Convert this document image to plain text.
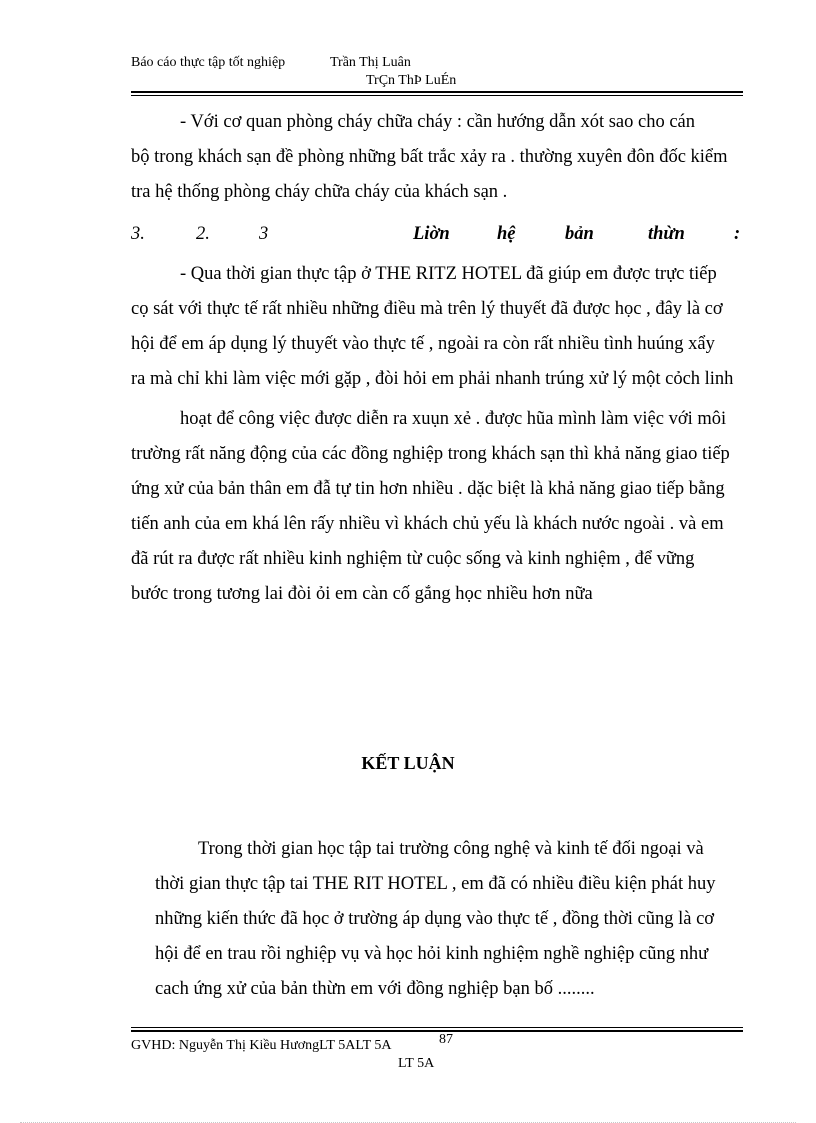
Báo cáo thực tập tốt nghiệp	Trần Thị Luân
TrÇn ThÞ LuÉn
- Với cơ quan phòng cháy chữa cháy : cần hướng dẫn xót sao cho cán
bộ trong khách sạn đề phòng những bất trắc xảy ra . thường xuyên đôn đốc kiểm
tra hệ thống phòng cháy chữa cháy của khách sạn .
3.	2.	3	Liờn	hệ	bản	thừn	:
- Qua thời gian thực tập ở THE RITZ HOTEL đã giúp em được trực tiếp
cọ sát với thực tế rất nhiều những điều mà trên lý thuyết đã được học , đây là cơ
hội để em áp dụng lý thuyết vào thực tế , ngoài ra còn rất nhiều tình huúng xẩy
ra mà chỉ khi làm việc mới gặp , đòi hỏi em phải nhanh trúng xử lý một cỏch linh
hoạt để công việc được diễn ra xuụn xẻ . được hũa mình làm việc với môi
trường rất năng động của các đồng nghiệp trong khách sạn thì khả năng giao tiếp
ứng xử của bản thân em đẫ tự tin hơn nhiều . dặc biệt là khả năng giao tiếp bằng
tiến anh của em khá lên rấy nhiều vì khách chủ yếu là khách nước ngoài . và em
đã rút ra được rất nhiều kinh nghiệm từ cuộc sống và kinh nghiệm , để vững
bước trong tương lai đòi ỏi em càn cố gắng học nhiều hơn nữa
KẾT LUẬN
Trong thời gian học tập tai trường công nghệ và kinh tế đối ngoại và
thời gian thực tập tai THE RIT HOTEL , em đã có nhiều điều kiện phát huy
những kiến thức đã học ở trường áp dụng vào thực tế , đồng thời cũng là cơ
hội để en trau rồi nghiệp vụ và học hỏi kinh nghiệm nghề nghiệp cũng như
cach ứng xử của bản thừn em với đồng nghiệp bạn bố ........
GVHD: Nguyễn Thị Kiều HươngLT 5ALT 5A	87
LT 5A
